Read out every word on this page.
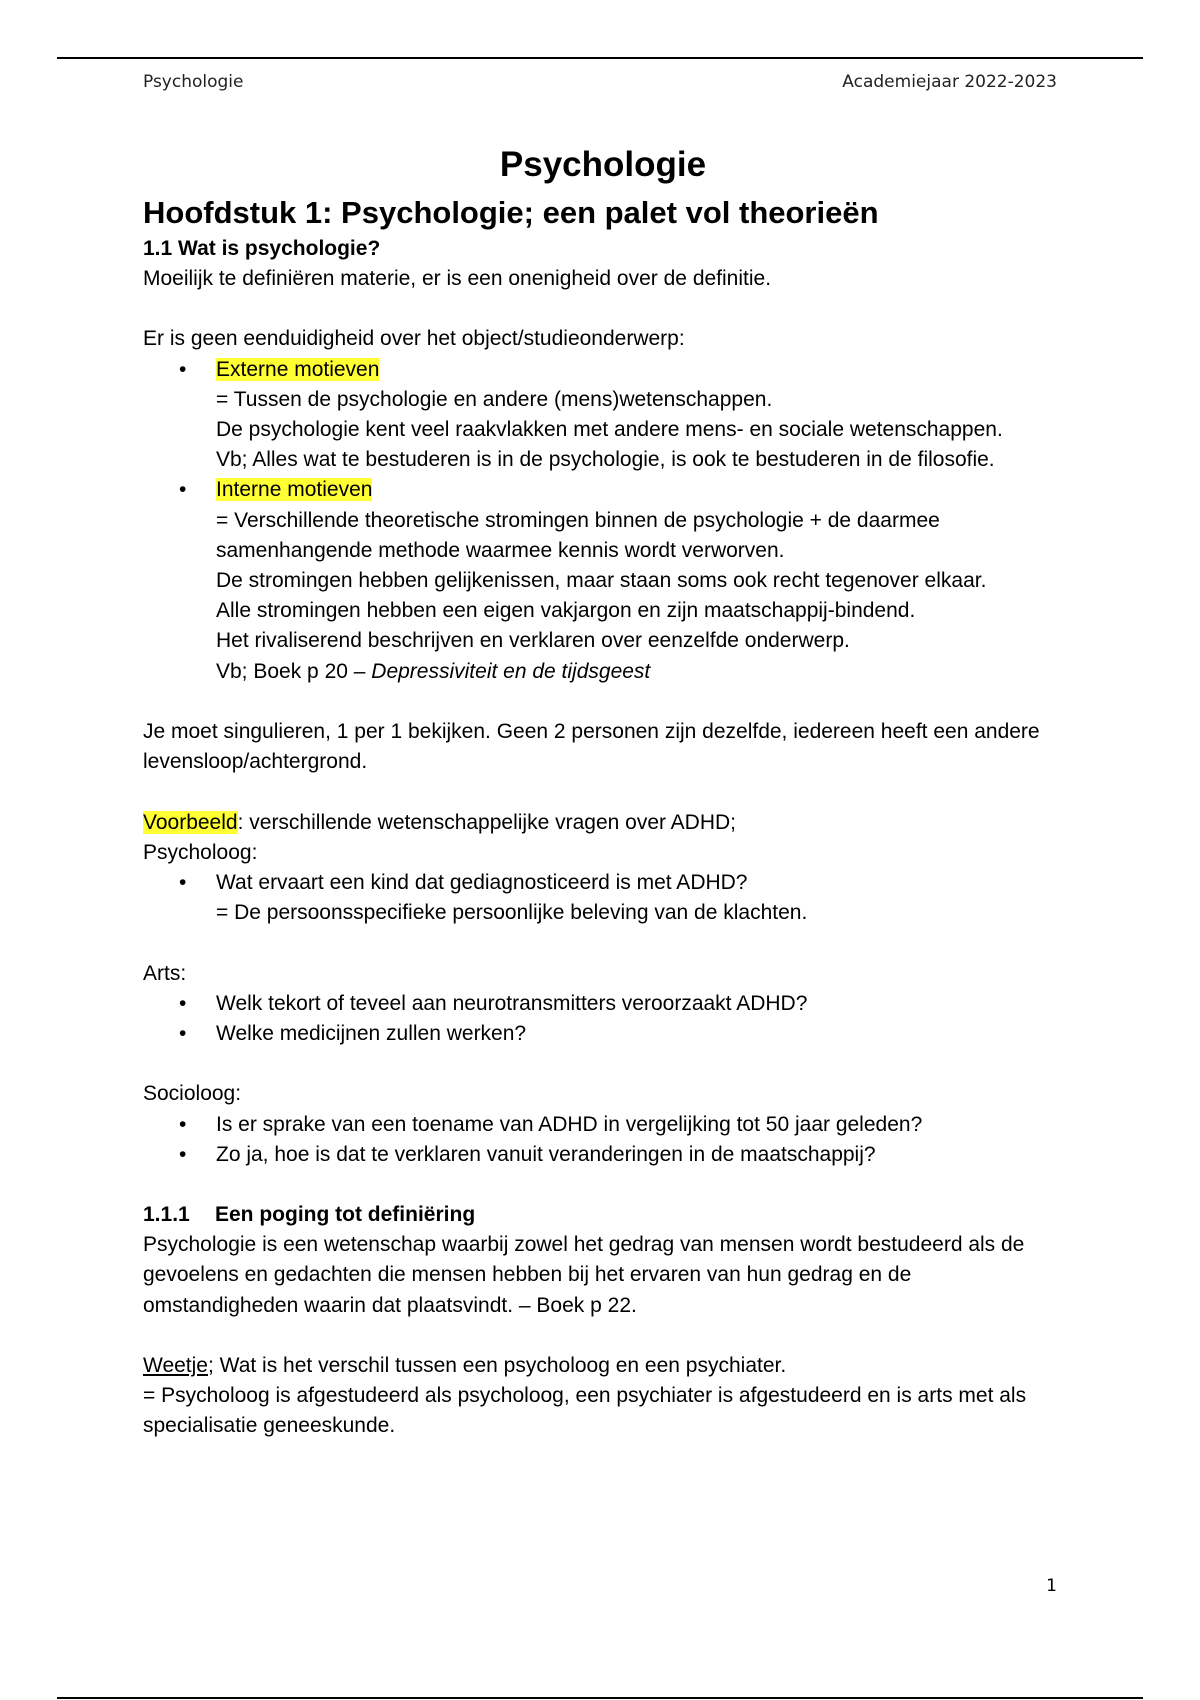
Psychologie	Academiejaar 2022-2023
Psychologie
Hoofdstuk 1: Psychologie; een palet vol theorieën
1.1 Wat is psychologie?

Moeilijk te definiëren materie, er is een onenigheid over de definitie.

Er is geen eenduidigheid over het object/studieonderwerp:

• Externe motieven
= Tussen de psychologie en andere (mens)wetenschappen.
De psychologie kent veel raakvlakken met andere mens- en sociale wetenschappen.
Vb; Alles wat te bestuderen is in de psychologie, is ook te bestuderen in de filosofie.
• Interne motieven
= Verschillende theoretische stromingen binnen de psychologie + de daarmee samenhangende methode waarmee kennis wordt verworven.
De stromingen hebben gelijkenissen, maar staan soms ook recht tegenover elkaar.
Alle stromingen hebben een eigen vakjargon en zijn maatschappij-bindend.
Het rivaliserend beschrijven en verklaren over eenzelfde onderwerp.
Vb; Boek p 20 – Depressiviteit en de tijdsgeest

Je moet singulieren, 1 per 1 bekijken. Geen 2 personen zijn dezelfde, iedereen heeft een andere levensloop/achtergrond.

Voorbeeld: verschillende wetenschappelijke vragen over ADHD;

Psycholoog:

• Wat ervaart een kind dat gediagnosticeerd is met ADHD?
= De persoonsspecifieke persoonlijke beleving van de klachten.

Arts:

• Welk tekort of teveel aan neurotransmitters veroorzaakt ADHD?
• Welke medicijnen zullen werken?

Socioloog:

• Is er sprake van een toename van ADHD in vergelijking tot 50 jaar geleden?
• Zo ja, hoe is dat te verklaren vanuit veranderingen in de maatschappij?
1.1.1 Een poging tot definiëring

Psychologie is een wetenschap waarbij zowel het gedrag van mensen wordt bestudeerd als de gevoelens en gedachten die mensen hebben bij het ervaren van hun gedrag en de omstandigheden waarin dat plaatsvindt. – Boek p 22.

Weetje; Wat is het verschil tussen een psycholoog en een psychiater.

= Psycholoog is afgestudeerd als psycholoog, een psychiater is afgestudeerd en is arts met als specialisatie geneeskunde.

1
